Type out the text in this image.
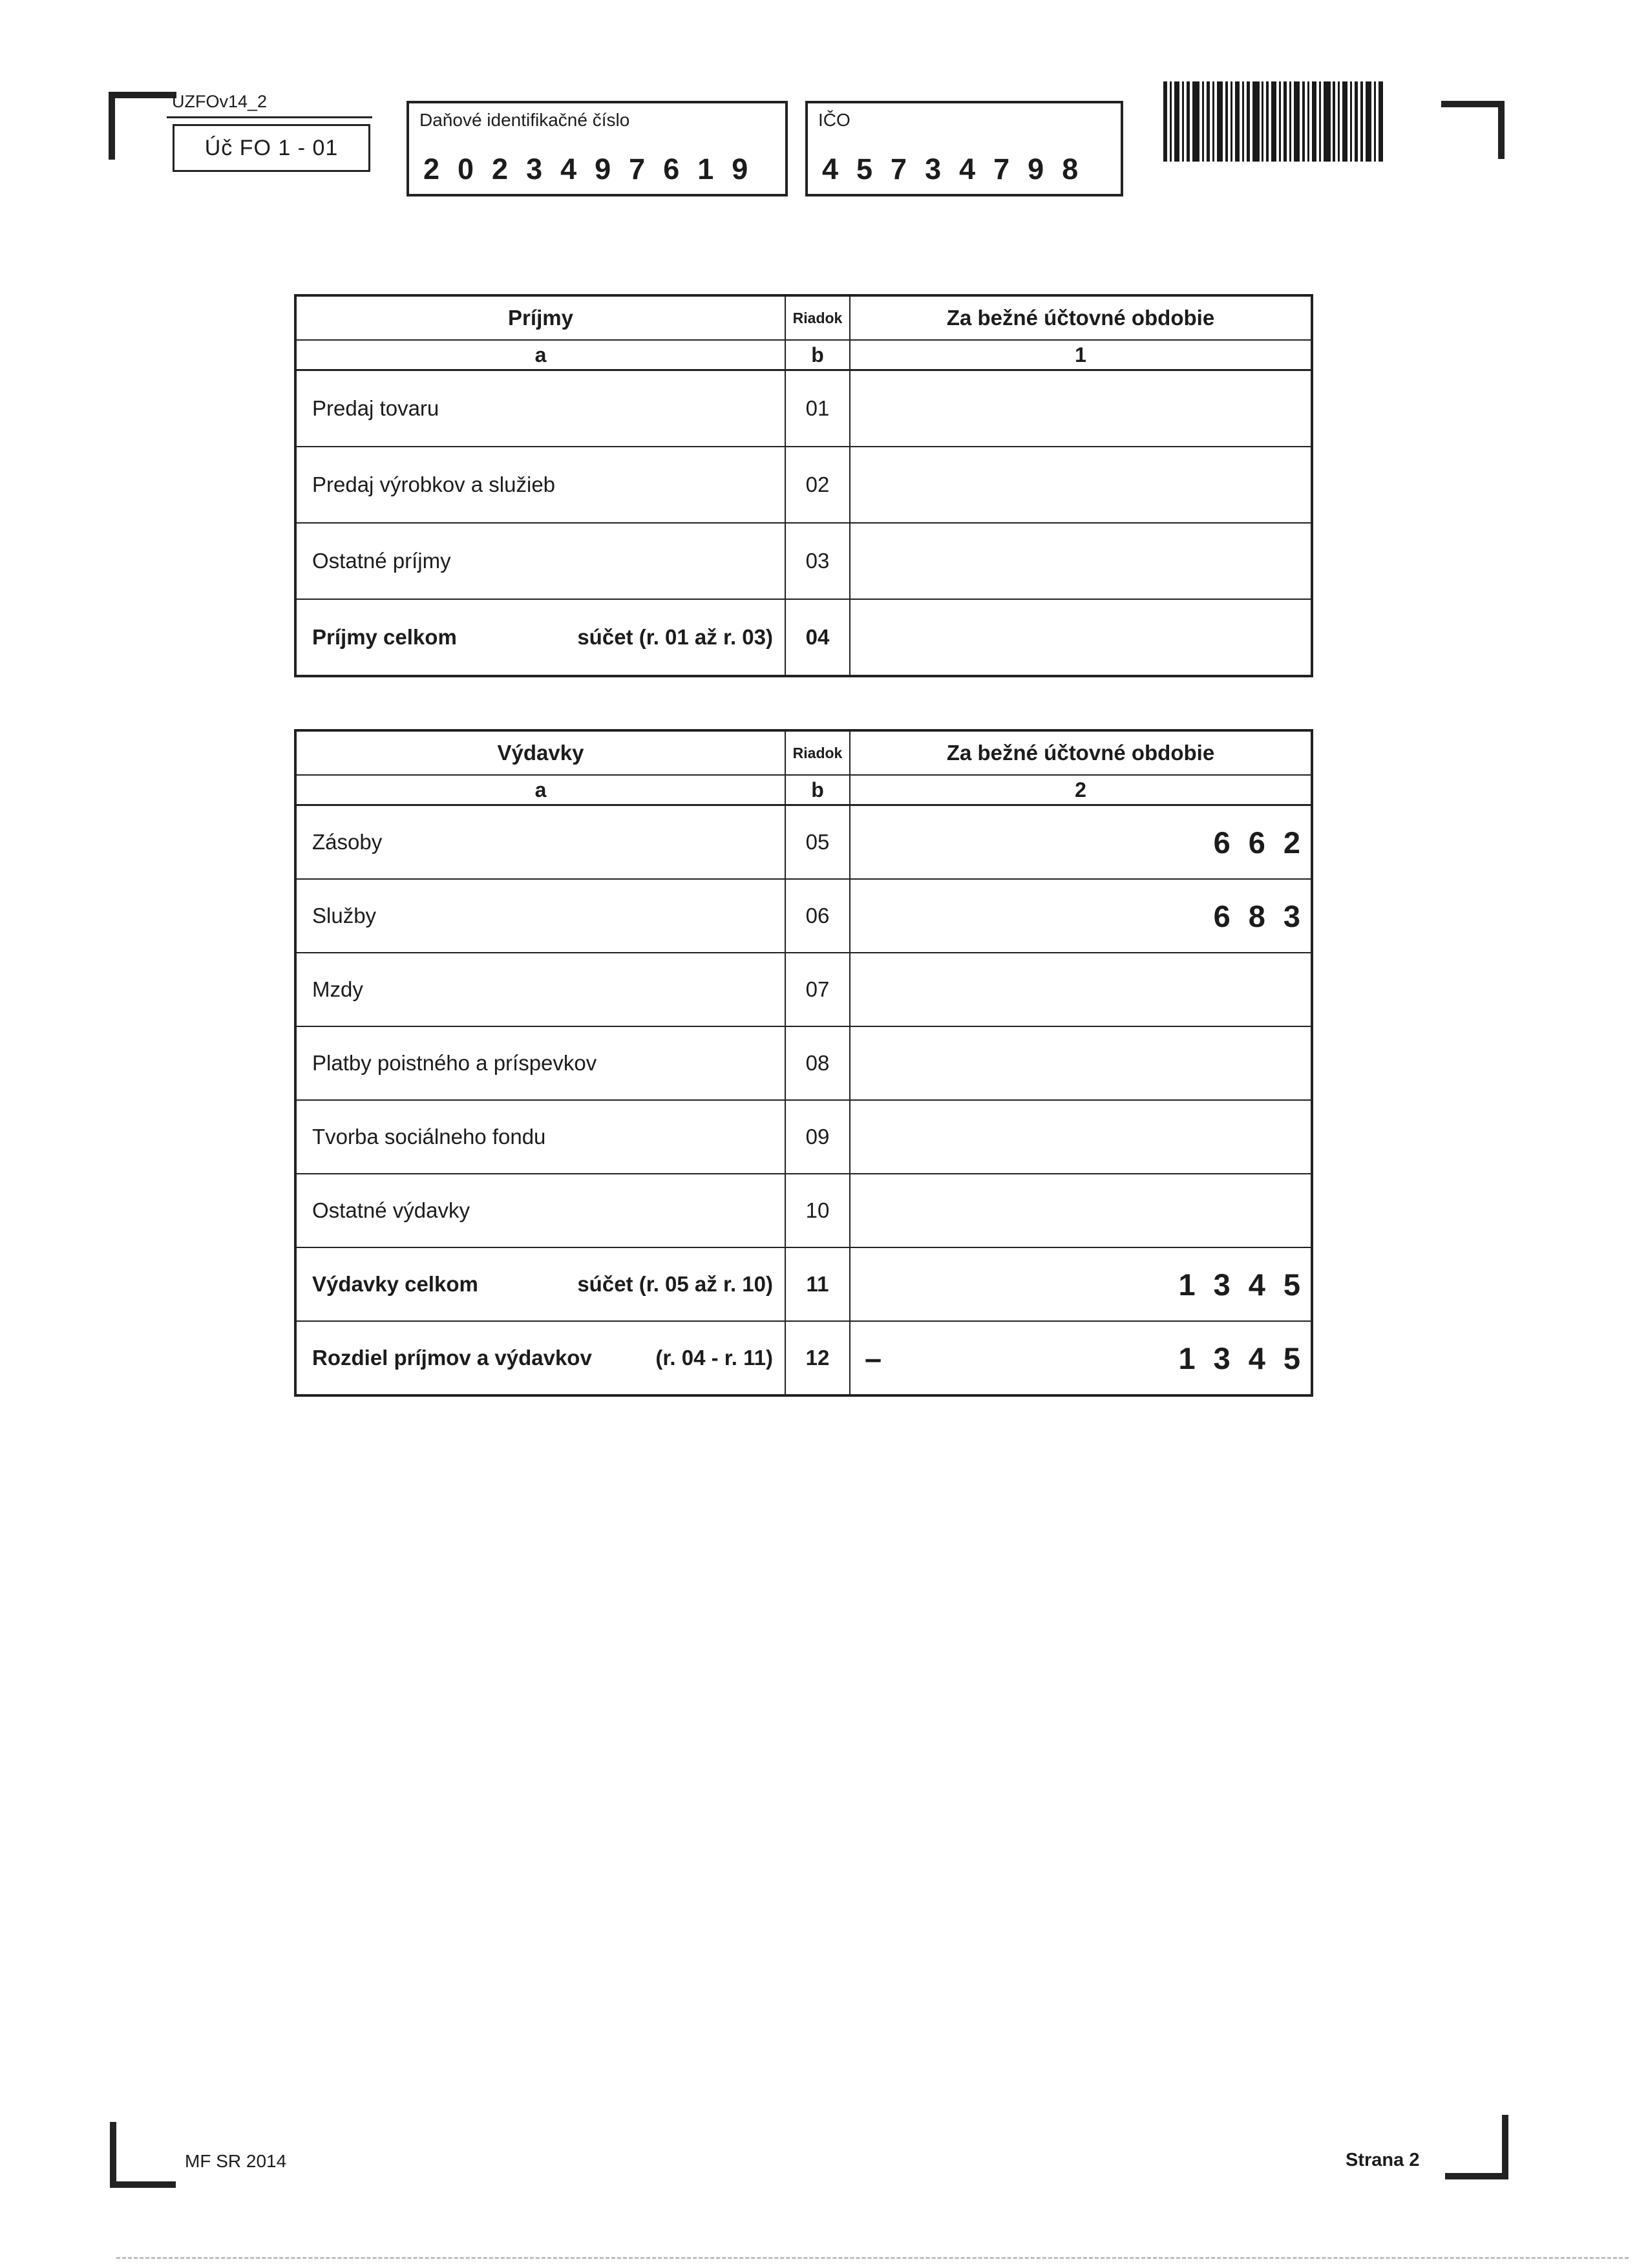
UZFOv14_2
Úč FO 1 - 01
Daňové identifikačné číslo
2023497619
IČO
45734798
Príjmy	Riadok	Za bežné účtovné obdobie
a	b	1
Predaj tovaru	01
Predaj výrobkov a služieb	02
Ostatné príjmy	03
Príjmy celkom	súčet (r. 01 až r. 03)	04
Výdavky	Riadok	Za bežné účtovné obdobie
a	b	2
Zásoby	05	662
Služby	06	683
Mzdy	07
Platby poistného a príspevkov	08
Tvorba sociálneho fondu	09
Ostatné výdavky	10
Výdavky celkom	súčet (r. 05 až r. 10)	11	1345
Rozdiel príjmov a výdavkov	(r. 04 - r. 11)	12	–	1345
MF SR 2014	Strana 2
